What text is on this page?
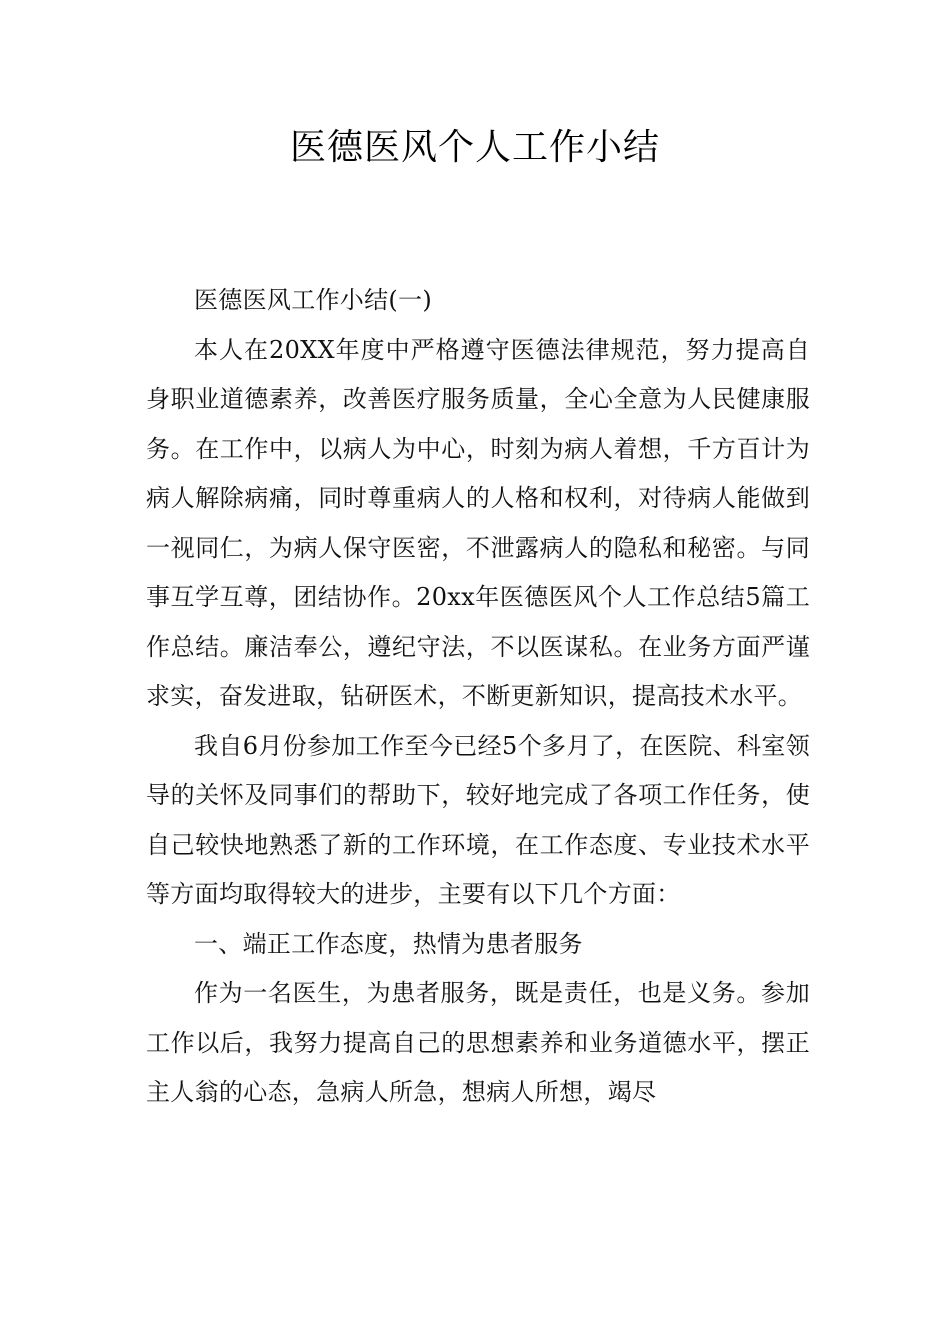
医德医风个人工作小结

医德医风工作小结(一)

本人在20XX年度中严格遵守医德法律规范，努力提高自身职业道德素养，改善医疗服务质量，全心全意为人民健康服务。在工作中，以病人为中心，时刻为病人着想，千方百计为病人解除病痛，同时尊重病人的人格和权利，对待病人能做到一视同仁，为病人保守医密，不泄露病人的隐私和秘密。与同事互学互尊，团结协作。20xx年医德医风个人工作总结5篇工作总结。廉洁奉公，遵纪守法，不以医谋私。在业务方面严谨求实，奋发进取，钻研医术，不断更新知识，提高技术水平。

我自6月份参加工作至今已经5个多月了，在医院、科室领导的关怀及同事们的帮助下，较好地完成了各项工作任务，使自己较快地熟悉了新的工作环境，在工作态度、专业技术水平等方面均取得较大的进步，主要有以下几个方面：

一、端正工作态度，热情为患者服务

作为一名医生，为患者服务，既是责任，也是义务。参加工作以后，我努力提高自己的思想素养和业务道德水平，摆正主人翁的心态，急病人所急，想病人所想，竭尽
